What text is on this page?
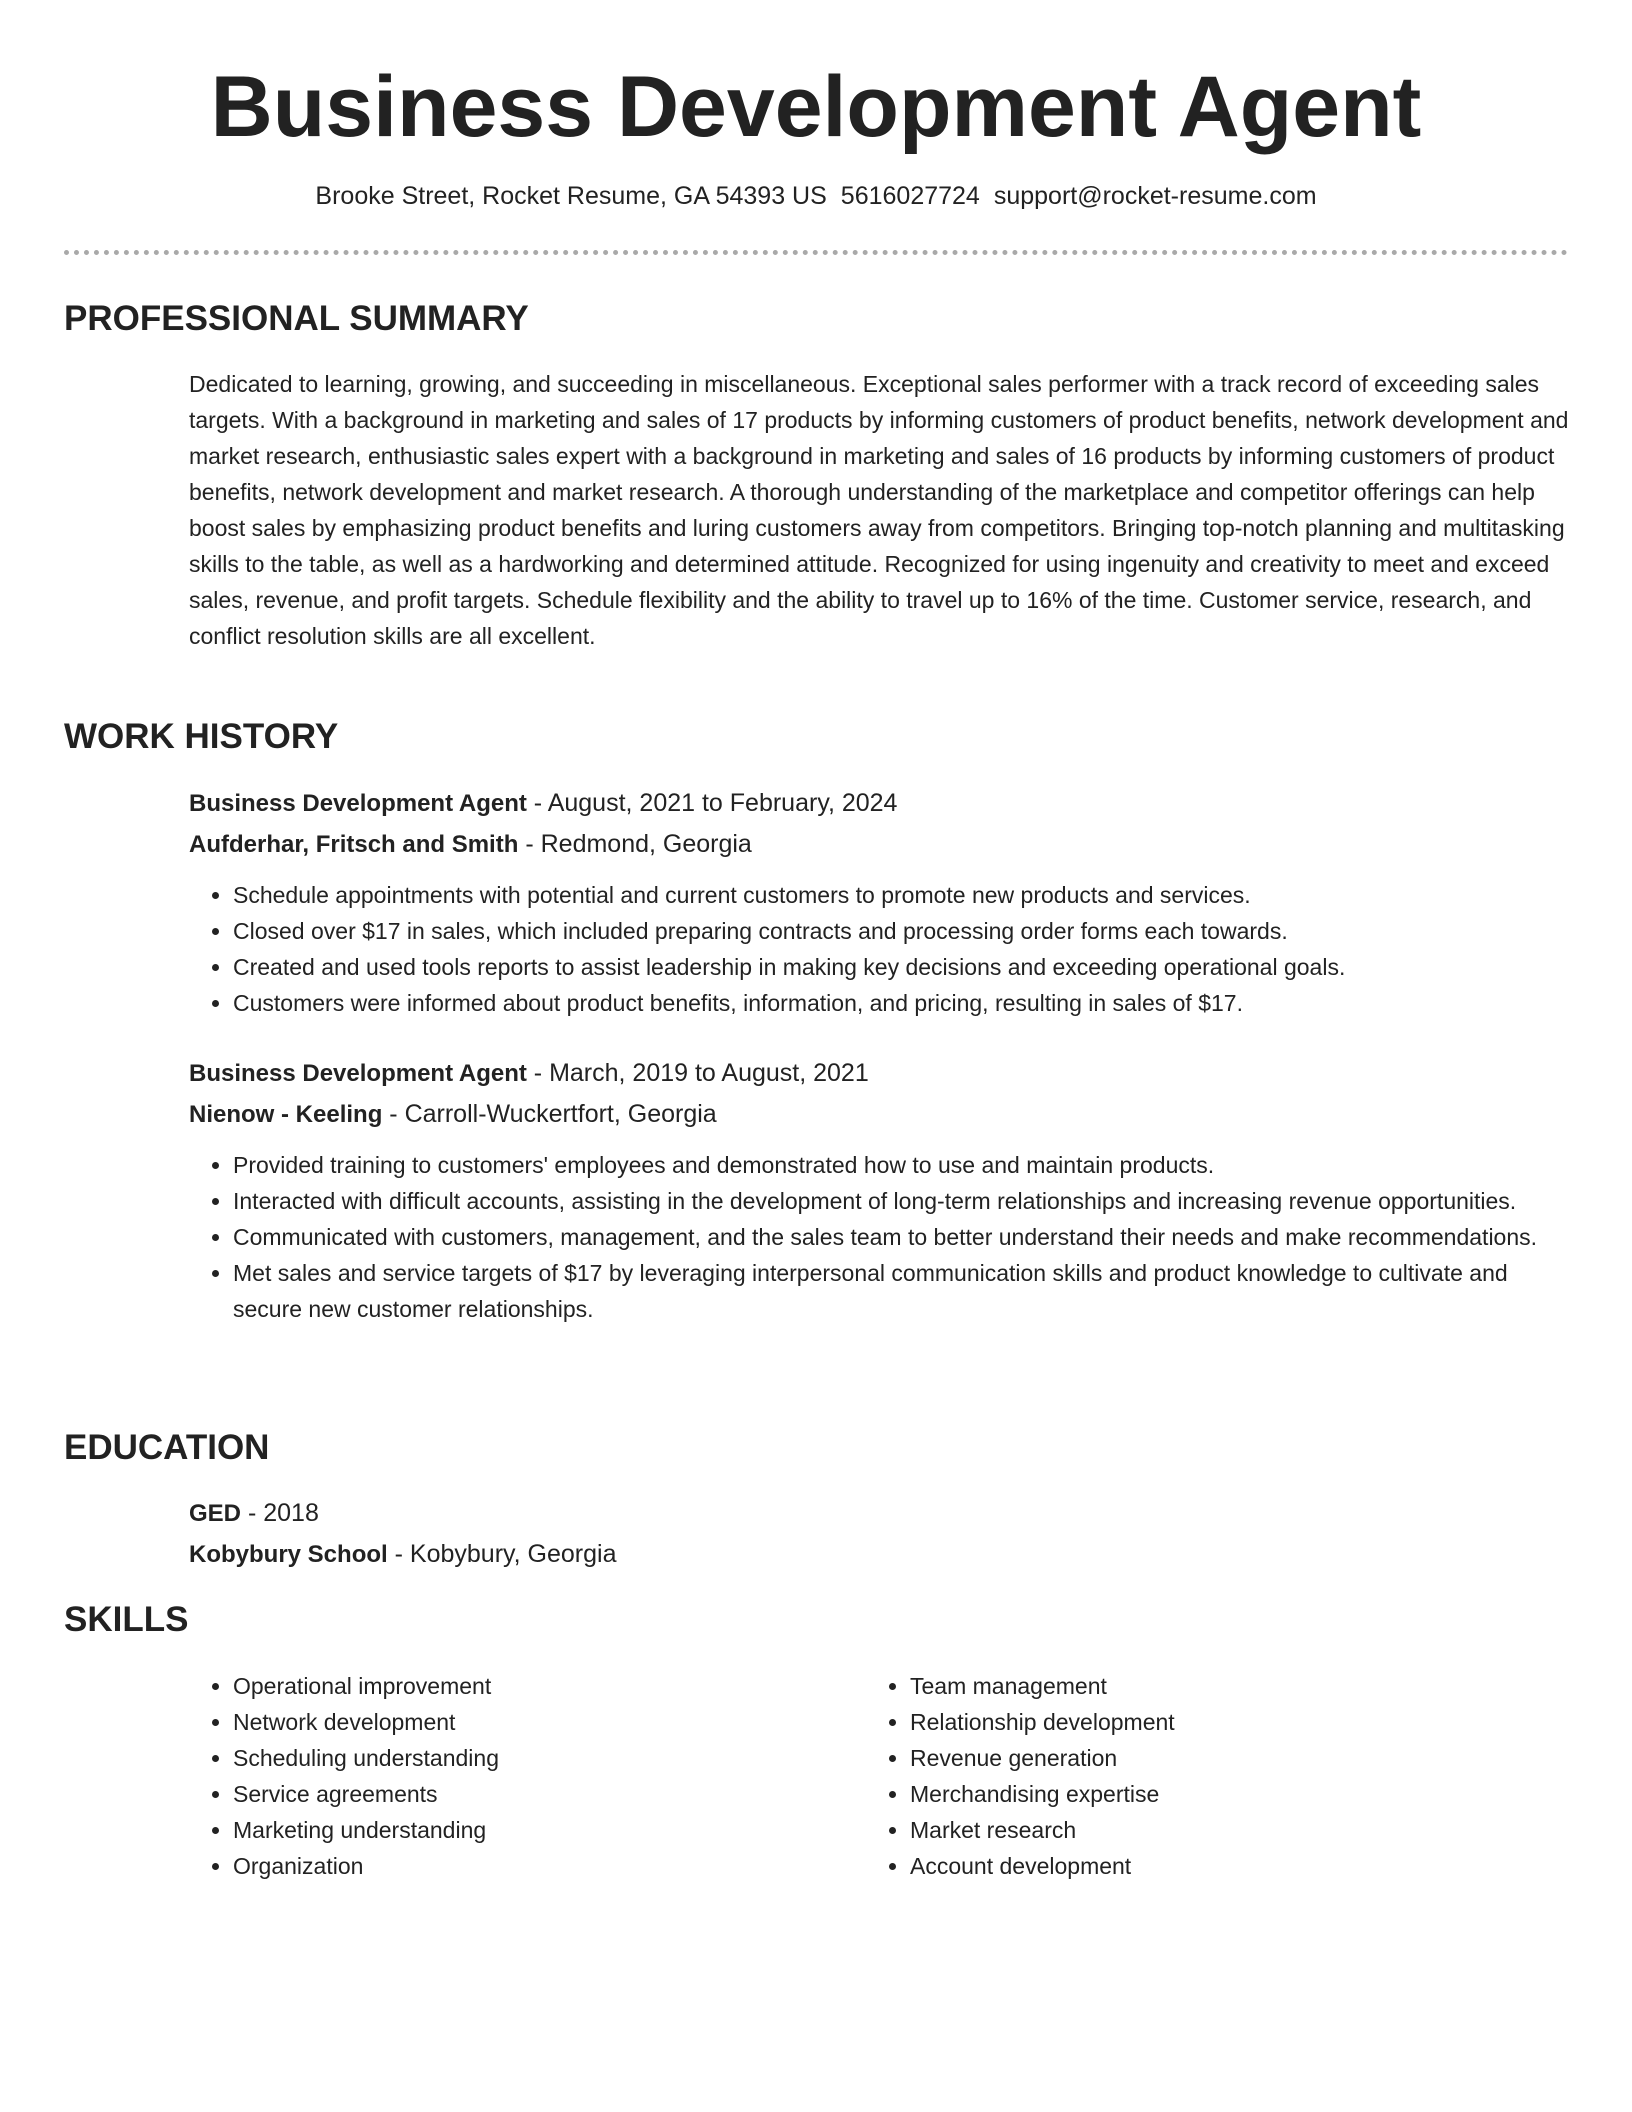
Business Development Agent
Brooke Street, Rocket Resume, GA 54393 US 5616027724 support@rocket-resume.com
PROFESSIONAL SUMMARY

Dedicated to learning, growing, and succeeding in miscellaneous. Exceptional sales performer with a track record of exceeding sales targets. With a background in marketing and sales of 17 products by informing customers of product benefits, network development and market research, enthusiastic sales expert with a background in marketing and sales of 16 products by informing customers of product benefits, network development and market research. A thorough understanding of the marketplace and competitor offerings can help boost sales by emphasizing product benefits and luring customers away from competitors. Bringing top-notch planning and multitasking skills to the table, as well as a hardworking and determined attitude. Recognized for using ingenuity and creativity to meet and exceed sales, revenue, and profit targets. Schedule flexibility and the ability to travel up to 16% of the time. Customer service, research, and conflict resolution skills are all excellent.

WORK HISTORY
Business Development Agent - August, 2021 to February, 2024
Aufderhar, Fritsch and Smith - Redmond, Georgia
• Schedule appointments with potential and current customers to promote new products and services.
• Closed over $17 in sales, which included preparing contracts and processing order forms each towards.
• Created and used tools reports to assist leadership in making key decisions and exceeding operational goals.
• Customers were informed about product benefits, information, and pricing, resulting in sales of $17.
Business Development Agent - March, 2019 to August, 2021
Nienow - Keeling - Carroll-Wuckertfort, Georgia
• Provided training to customers' employees and demonstrated how to use and maintain products.
• Interacted with difficult accounts, assisting in the development of long-term relationships and increasing revenue opportunities.
• Communicated with customers, management, and the sales team to better understand their needs and make recommendations.
• Met sales and service targets of $17 by leveraging interpersonal communication skills and product knowledge to cultivate and secure new customer relationships.
EDUCATION
GED - 2018
Kobybury School - Kobybury, Georgia
SKILLS
• Operational improvement
• Network development
• Scheduling understanding
• Service agreements
• Marketing understanding
• Organization
• Team management
• Relationship development
• Revenue generation
• Merchandising expertise
• Market research
• Account development
